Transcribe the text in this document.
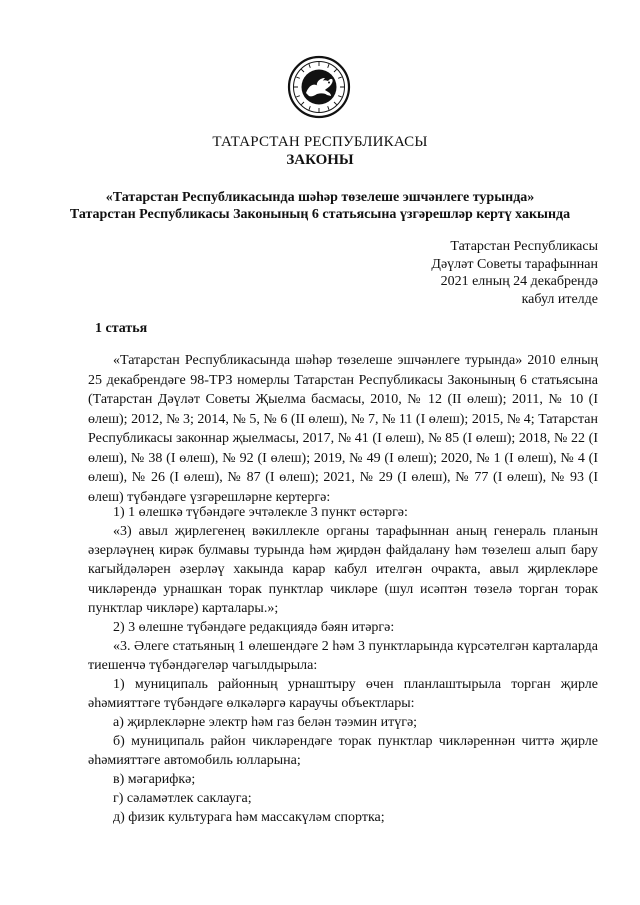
ТАТАРСТАН РЕСПУБЛИКАСЫ
ЗАКОНЫ
«Татарстан Республикасында шәһәр төзелеше эшчәнлеге турында»
Татарстан Республикасы Законының 6 статьясына үзгәрешләр кертү хакында
Татарстан Республикасы
Дәүләт Советы тарафыннан
2021 елның 24 декабрендә
кабул ителде
1 статья
«Татарстан Республикасында шәһәр төзелеше эшчәнлеге турында» 2010 елның 25 декабрендәге 98-ТРЗ номерлы Татарстан Республикасы Законының 6 статьясына (Татарстан Дәүләт Советы Җыелма басмасы, 2010, № 12 (II өлеш); 2011, № 10 (I өлеш); 2012, № 3; 2014, № 5, № 6 (II өлеш), № 7, № 11 (I өлеш); 2015, № 4; Татарстан Республикасы законнар җыелмасы, 2017, № 41 (I өлеш), № 85 (I өлеш); 2018, № 22 (I өлеш), № 38 (I өлеш), № 92 (I өлеш); 2019, № 49 (I өлеш); 2020, № 1 (I өлеш), № 4 (I өлеш), № 26 (I өлеш), № 87 (I өлеш); 2021, № 29 (I өлеш), № 77 (I өлеш), № 93 (I өлеш) түбәндәге үзгәрешләрне кертергә:
1) 1 өлешкә түбәндәге эчтәлекле 3 пункт өстәргә:
«3) авыл җирлегенең вәкиллекле органы тарафыннан аның генераль планын әзерләүнең кирәк булмавы турында һәм җирдән файдалану һәм төзелеш алып бару кагыйдәләрен әзерләү хакында карар кабул ителгән очракта, авыл җирлекләре чикләрендә урнашкан торак пунктлар чикләре (шул исәптән төзелә торган торак пунктлар чикләре) карталары.»;
2) 3 өлешне түбәндәге редакциядә бәян итәргә:
«3. Әлеге статьяның 1 өлешендәге 2 һәм 3 пунктларында күрсәтелгән карталарда тиешенчә түбәндәгеләр чагылдырыла:
1) муниципаль районның урнаштыру өчен планлаштырыла торган җирле әһәмияттәге түбәндәге өлкәләргә караучы объектлары:
а) җирлекләрне электр һәм газ белән тәэмин итүгә;
б) муниципаль район чикләрендәге торак пунктлар чикләреннән читтә җирле әһәмияттәге автомобиль юлларына;
в) мәгарифкә;
г) сәламәтлек саклауга;
д) физик культурага һәм массакүләм спортка;
